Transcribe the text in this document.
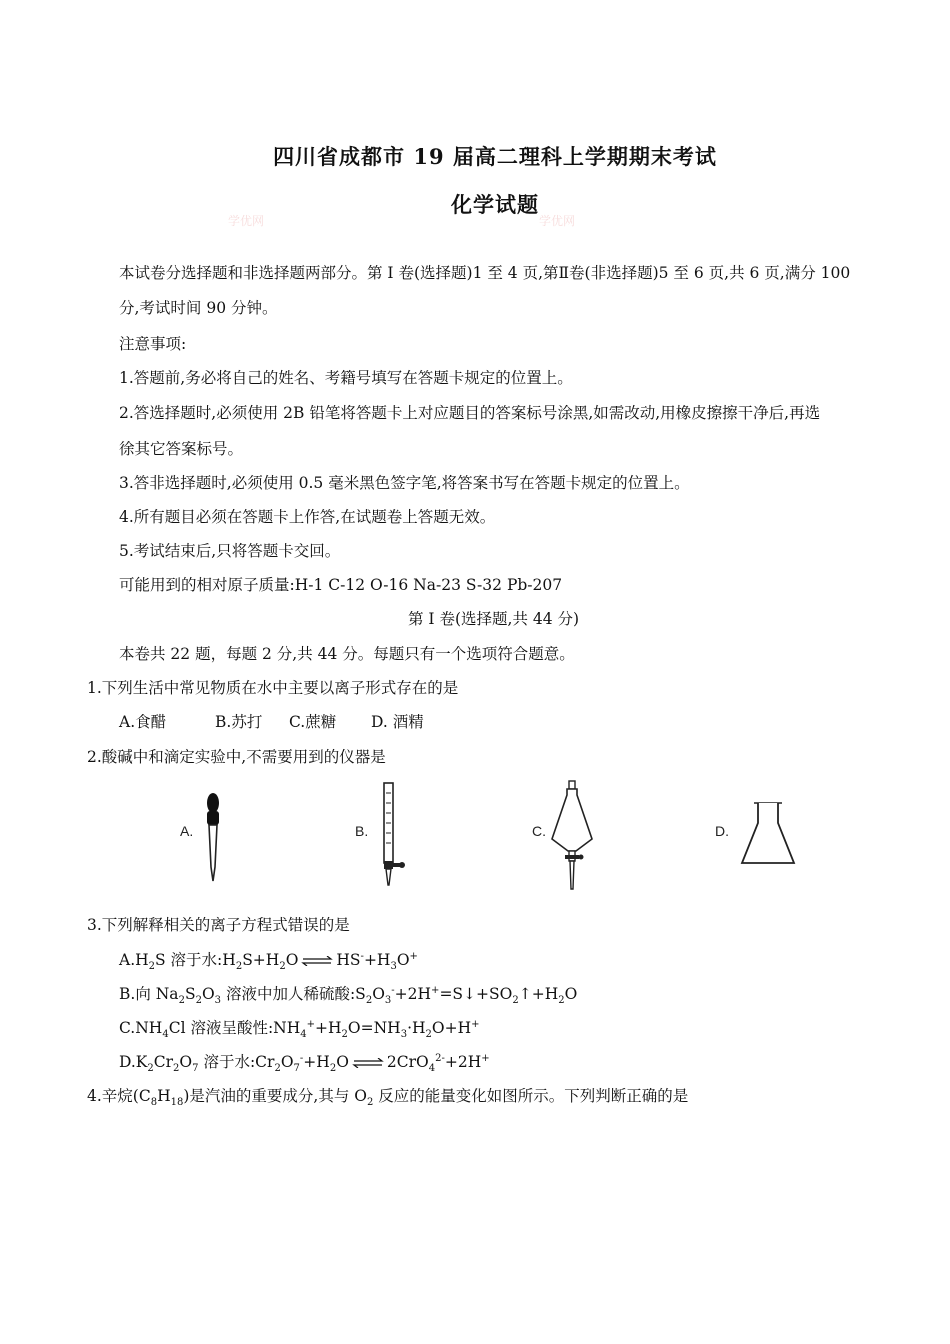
学优网	学优网
四川省成都市 19 届高二理科上学期期末考试
化学试题
本试卷分选择题和非选择题两部分。第 I 卷(选择题)1 至 4 页,第Ⅱ卷(非选择题)5 至 6 页,共 6 页,满分 100
分,考试时间 90 分钟。
注意事项:
1.答题前,务必将自己的姓名、考籍号填写在答题卡规定的位置上。
2.答选择题时,必须使用 2B 铅笔将答题卡上对应题目的答案标号涂黑,如需改动,用橡皮擦擦干净后,再选
徐其它答案标号。
3.答非选择题时,必须使用 0.5 毫米黑色签字笔,将答案书写在答题卡规定的位置上。
4.所有题目必须在答题卡上作答,在试题卷上答题无效。
5.考试结束后,只将答题卡交回。
可能用到的相对原子质量:H-1 C-12 O-16 Na-23 S-32 Pb-207
第 I 卷(选择题,共 44 分)
本卷共 22 题，每题 2 分,共 44 分。每题只有一个选项符合题意。
1.下列生活中常见物质在水中主要以离子形式存在的是
A.食醋	B.苏打 C.蔗糖 D. 酒精
2.酸碱中和滴定实验中,不需要用到的仪器是
A.	B.	C.	D.
3.下列解释相关的离子方程式错误的是
$A.H_2S$ 溶于水$:H_2S+H_2O$ ⇌ $HS^-+H_3O^+$
B.向 $Na_2S_2O_3$ 溶液中加人稀硫酸$:S_2O_3^-+2H^+=S↓+SO_2↑+H_2O$
$C.NH_4Cl$ 溶液呈酸性$:NH_4^++H_2O=NH_3\cdot H_2O+H^+$
$D.K_2Cr_2O_7$ 溶于水$:Cr_2O_7^-+H_2O$ ⇌ 2CrO$_4^{2-}$+2H+
4.辛烷$(C_8H_{18})$是汽油的重要成分,其与 $O_2$ 反应的能量变化如图所示。下列判断正确的是
